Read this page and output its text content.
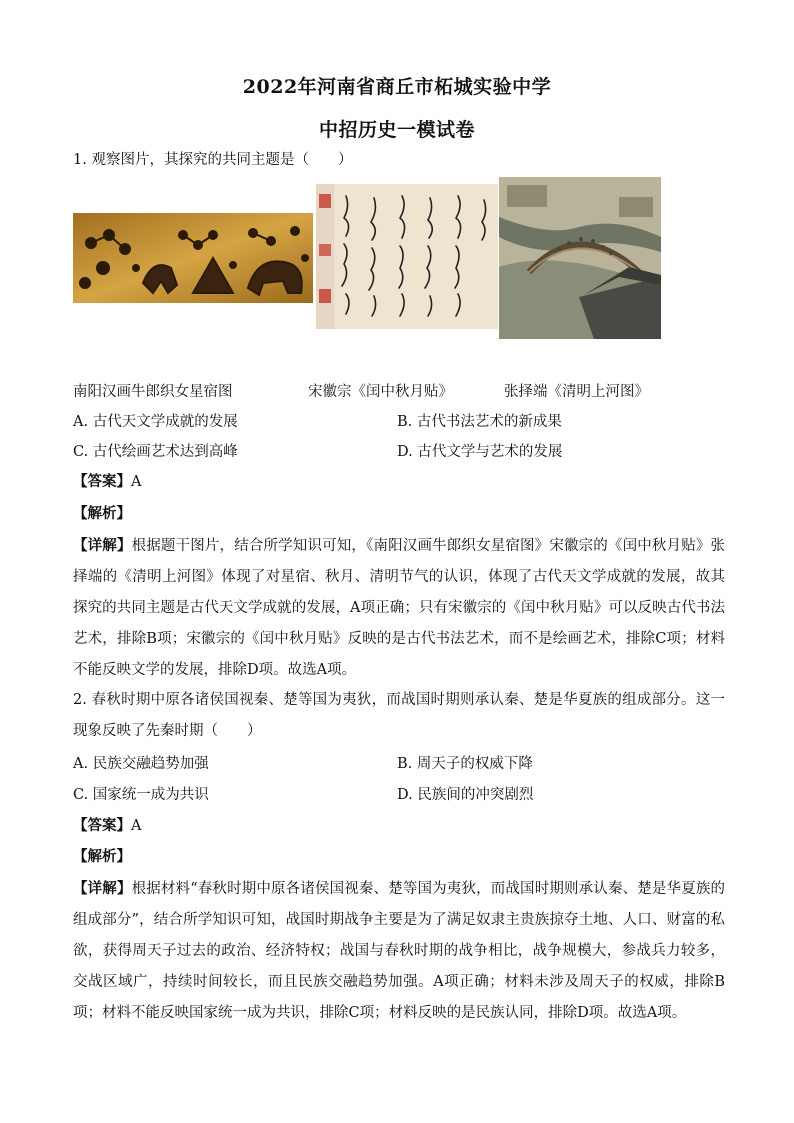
2022年河南省商丘市柘城实验中学
中招历史一模试卷
1. 观察图片，其探究的共同主题是（　　）
南阳汉画牛郎织女星宿图	宋徽宗《闰中秋月贴》	张择端《清明上河图》
A. 古代天文学成就的发展	B. 古代书法艺术的新成果
C. 古代绘画艺术达到高峰	D. 古代文学与艺术的发展
【答案】A
【解析】
【详解】根据题干图片，结合所学知识可知，《南阳汉画牛郎织女星宿图》宋徽宗的《闰中秋月贴》张择端的《清明上河图》体现了对星宿、秋月、清明节气的认识，体现了古代天文学成就的发展，故其探究的共同主题是古代天文学成就的发展，A项正确；只有宋徽宗的《闰中秋月贴》可以反映古代书法艺术，排除B项；宋徽宗的《闰中秋月贴》反映的是古代书法艺术，而不是绘画艺术，排除C项；材料不能反映文学的发展，排除D项。故选A项。
2. 春秋时期中原各诸侯国视秦、楚等国为夷狄，而战国时期则承认秦、楚是华夏族的组成部分。这一现象反映了先秦时期（　　）
A. 民族交融趋势加强	B. 周天子的权威下降
C. 国家统一成为共识	D. 民族间的冲突剧烈
【答案】A
【解析】
【详解】根据材料“春秋时期中原各诸侯国视秦、楚等国为夷狄，而战国时期则承认秦、楚是华夏族的组成部分”，结合所学知识可知，战国时期战争主要是为了满足奴隶主贵族掠夺土地、人口、财富的私欲，获得周天子过去的政治、经济特权；战国与春秋时期的战争相比，战争规模大，参战兵力较多，交战区域广，持续时间较长，而且民族交融趋势加强。A项正确；材料未涉及周天子的权威，排除B项；材料不能反映国家统一成为共识，排除C项；材料反映的是民族认同，排除D项。故选A项。
